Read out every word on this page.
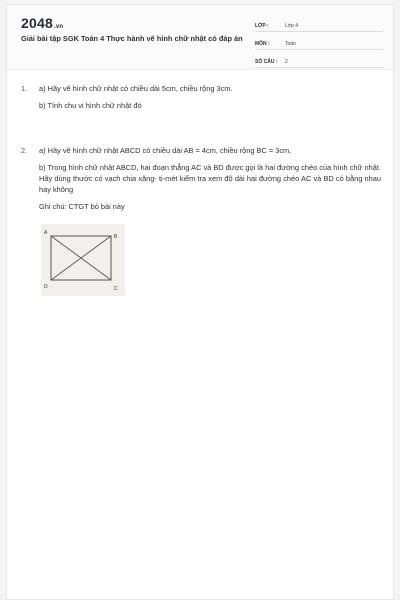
2048.vn
Giải bài tập SGK Toán 4 Thực hành vẽ hình chữ nhật có đáp án
LỚP :	Lớp 4
MÔN :	Toán
SỐ CÂU :	2
1.	a) Hãy vẽ hình chữ nhật có chiều dài 5cm, chiều rộng 3cm.

b) Tính chu vi hình chữ nhật đó

2.	a) Hãy vẽ hình chữ nhật ABCD có chiều dài AB = 4cm, chiều rộng BC = 3cm.

b) Trong hình chữ nhật ABCD, hai đoạn thẳng AC và BD được gọi là hai đường chéo của hình chữ nhật. Hãy dùng thước có vạch chia xăng- ti-mét kiểm tra xem độ dài hai đường chéo AC và BD có bằng nhau hay không

Ghi chú: CTGT bỏ bài này

A
B
C
D
